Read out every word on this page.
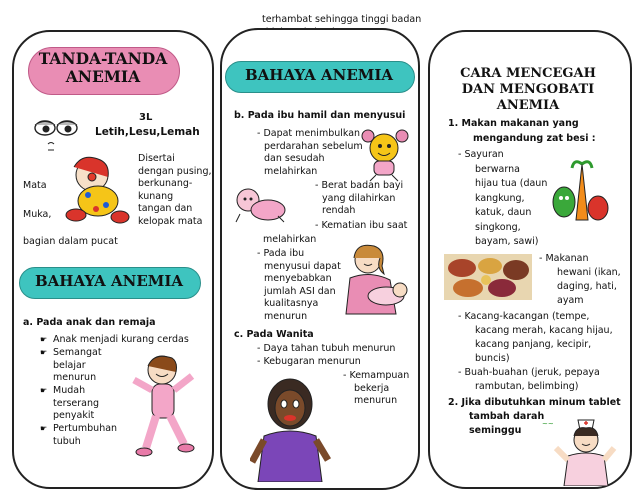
terhambat sehingga tinggi badan
TANDA-TANDA
ANEMIA
3L
Letih,Lesu,Lemah
Disertai
dengan pusing,
berkunang-
kunang
tangan dan
kelopak mata
Mata
Muka,
bagian dalam pucat
BAHAYA ANEMIA
a. Pada anak dan remaja
☛ Anak menjadi kurang cerdas
☛ Semangat
belajar
menurun
☛ Mudah
terserang
penyakit
☛ Pertumbuhan
tubuh
BAHAYA ANEMIA
b. Pada ibu hamil dan menyusui
- Dapat menimbulkan
perdarahan sebelum
dan sesudah
melahirkan
- Berat badan bayi
yang dilahirkan
rendah
- Kematian ibu saat
melahirkan
- Pada ibu
menyusui dapat
menyebabkan
jumlah ASI dan
kualitasnya
menurun
c. Pada Wanita
- Daya tahan tubuh menurun
- Kebugaran menurun
- Kemampuan
bekerja
menurun
CARA MENCEGAH
DAN MENGOBATI
ANEMIA
1. Makan makanan yang
mengandung zat besi :
- Sayuran
berwarna
hijau tua (daun
kangkung,
katuk, daun
singkong,
bayam, sawi)
- Makanan
hewani (ikan,
daging, hati,
ayam
- Kacang-kacangan (tempe,
kacang merah, kacang hijau,
kacang panjang, kecipir,
buncis)
- Buah-buahan (jeruk, pepaya
rambutan, belimbing)
2. Jika dibutuhkan minum tablet
tambah darah
seminggu
~~
